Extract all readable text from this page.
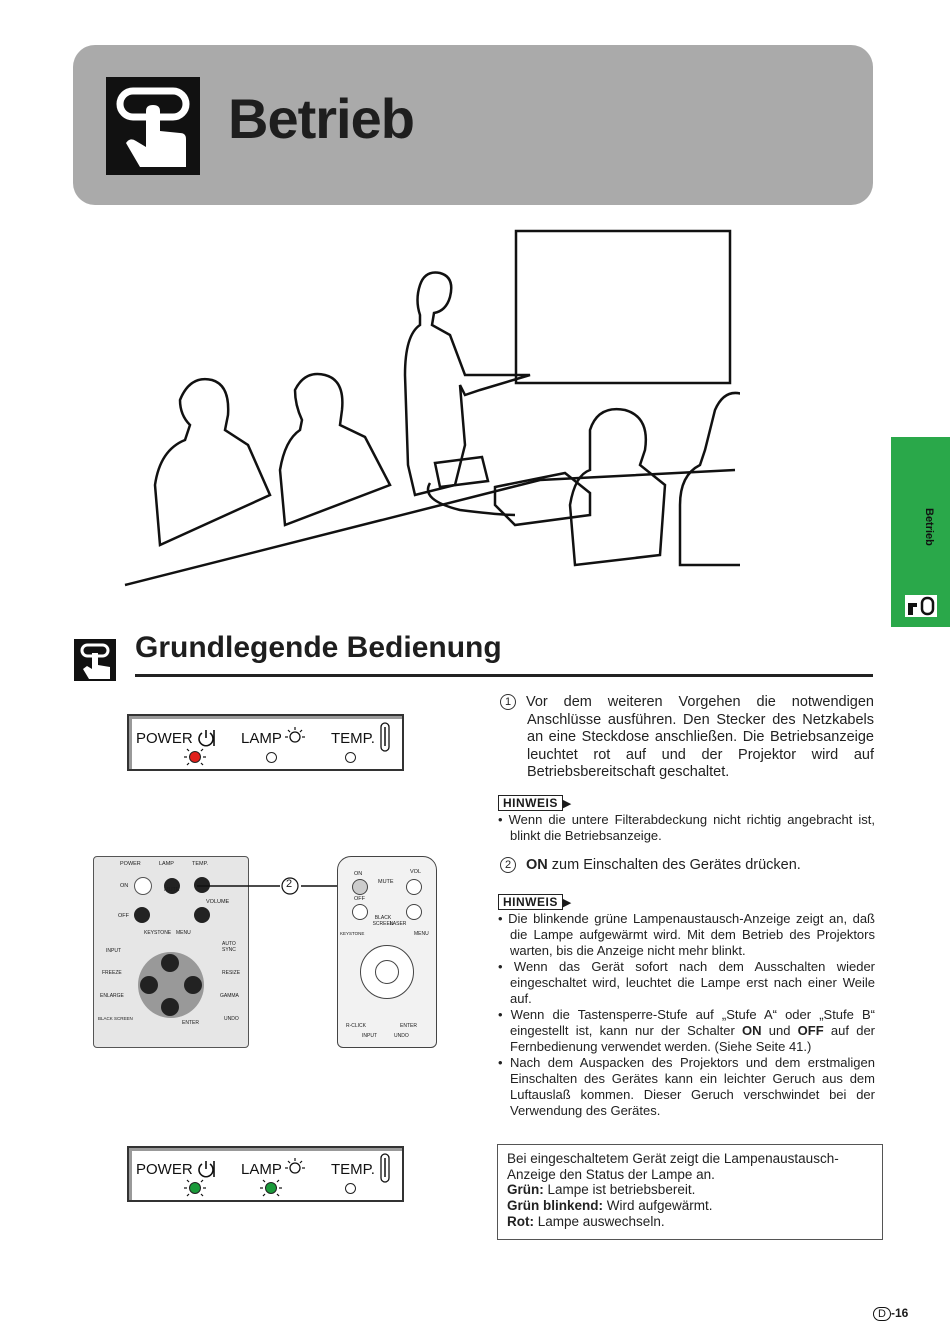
Betrieb
Betrieb
Grundlegende Bedienung
POWER	LAMP	TEMP.
POWER	LAMP	TEMP.
ON
MUTE
VOLUME
OFF
KEYSTONE MENU
INPUT
AUTO SYNC
FREEZE	RESIZE
ENLARGE	GAMMA
BLACK SCREEN
ENTER
UNDO
2
ON
MUTE
VOL
OFF
BLACK SCREEN
LASER
KEYSTONE	MENU
R-CLICK	ENTER
INPUT	UNDO
POWER	LAMP	TEMP.
1 Vor dem weiteren Vorgehen die notwendigen Anschlüsse ausführen. Den Stecker des Netzkabels an eine Steckdose anschließen. Die Betriebsanzeige leuchtet rot auf und der Projektor wird auf Betriebsbereitschaft geschaltet.
HINWEIS ▶
• Wenn die untere Filterabdeckung nicht richtig angebracht ist, blinkt die Betriebsanzeige.
2 ON zum Einschalten des Gerätes drücken.
HINWEIS ▶
• Die blinkende grüne Lampenaustausch-Anzeige zeigt an, daß die Lampe aufgewärmt wird. Mit dem Betrieb des Projektors warten, bis die Anzeige nicht mehr blinkt.
• Wenn das Gerät sofort nach dem Ausschalten wieder eingeschaltet wird, leuchtet die Lampe erst nach einer Weile auf.
• Wenn die Tastensperre-Stufe auf „Stufe A“ oder „Stufe B“ eingestellt ist, kann nur der Schalter ON und OFF auf der Fernbedienung verwendet werden. (Siehe Seite 41.)
• Nach dem Auspacken des Projektors und dem erstmaligen Einschalten des Gerätes kann ein leichter Geruch aus dem Luftauslaß kommen. Dieser Geruch verschwindet bei der Verwendung des Gerätes.
Bei eingeschaltetem Gerät zeigt die Lampenaustausch-Anzeige den Status der Lampe an.
Grün: Lampe ist betriebsbereit.
Grün blinkend: Wird aufgewärmt.
Rot: Lampe auswechseln.
D -16
